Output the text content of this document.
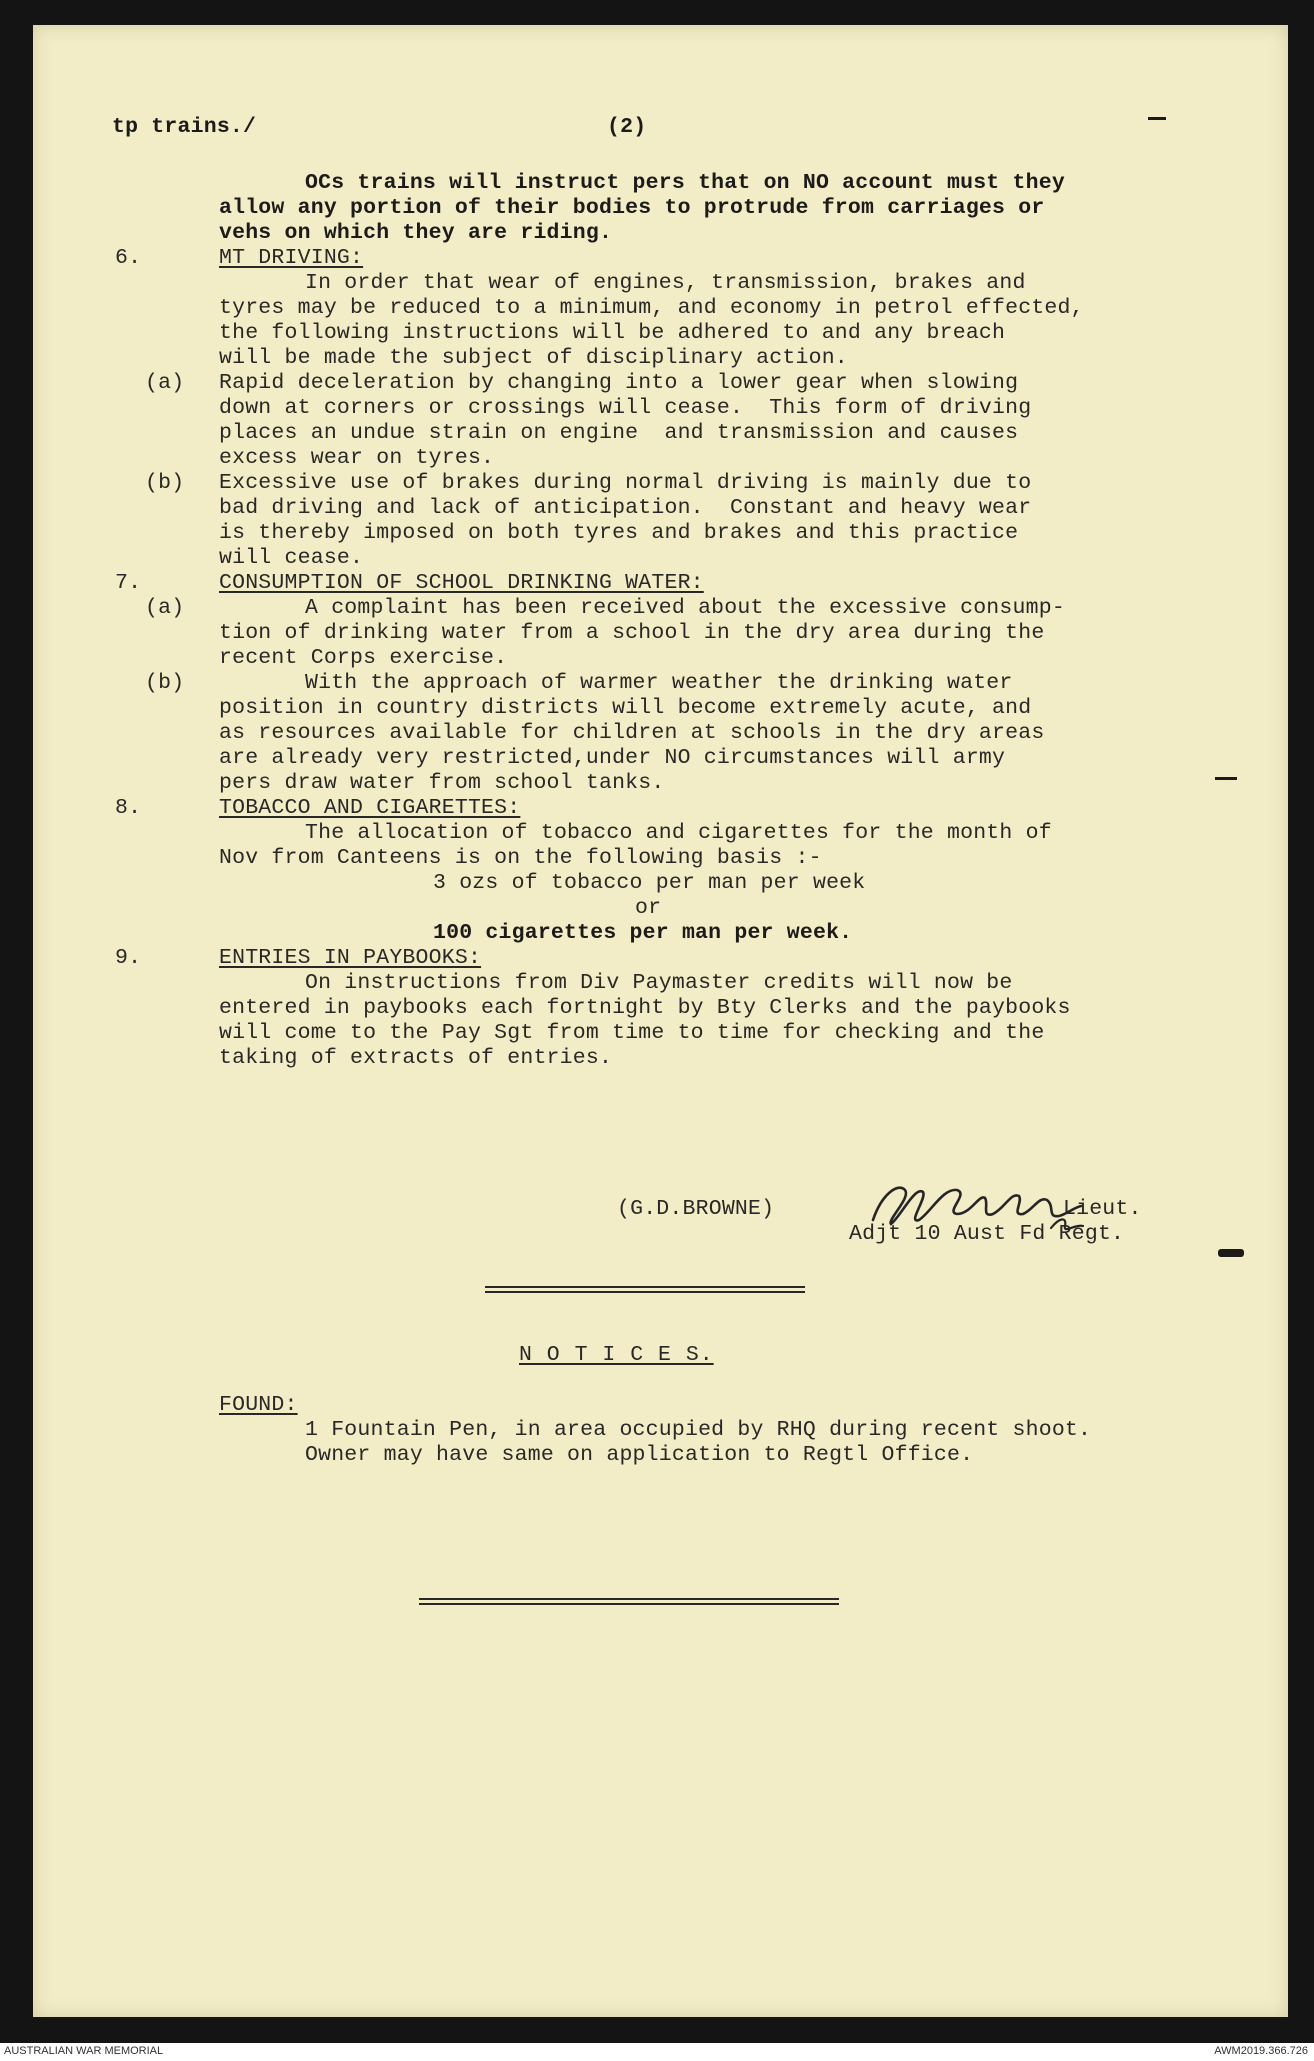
tp trains./	(2)
OCs trains will instruct pers that on NO account must they
allow any portion of their bodies to protrude from carriages or
vehs on which they are riding.
6.	MT DRIVING:
In order that wear of engines, transmission, brakes and
tyres may be reduced to a minimum, and economy in petrol effected,
the following instructions will be adhered to and any breach
will be made the subject of disciplinary action.
(a) Rapid deceleration by changing into a lower gear when slowing
down at corners or crossings will cease.  This form of driving
places an undue strain on engine  and transmission and causes
excess wear on tyres.
(b) Excessive use of brakes during normal driving is mainly due to
bad driving and lack of anticipation.  Constant and heavy wear
is thereby imposed on both tyres and brakes and this practice
will cease.
7.	CONSUMPTION OF SCHOOL DRINKING WATER:
(a)	A complaint has been received about the excessive consump-
tion of drinking water from a school in the dry area during the
recent Corps exercise.
(b)	With the approach of warmer weather the drinking water
position in country districts will become extremely acute, and
as resources available for children at schools in the dry areas
are already very restricted,under NO circumstances will army
pers draw water from school tanks.
8.	TOBACCO AND CIGARETTES:
The allocation of tobacco and cigarettes for the month of
Nov from Canteens is on the following basis :-
3 ozs of tobacco per man per week
or
100 cigarettes per man per week.
9.	ENTRIES IN PAYBOOKS:
On instructions from Div Paymaster credits will now be
entered in paybooks each fortnight by Bty Clerks and the paybooks
will come to the Pay Sgt from time to time for checking and the
taking of extracts of entries.
(G.D.BROWNE)	Lieut.
Adjt 10 Aust Fd Regt.
N O T I C E S.
FOUND:
1 Fountain Pen, in area occupied by RHQ during recent shoot.
Owner may have same on application to Regtl Office.
AUSTRALIAN WAR MEMORIAL	AWM2019.366.726
